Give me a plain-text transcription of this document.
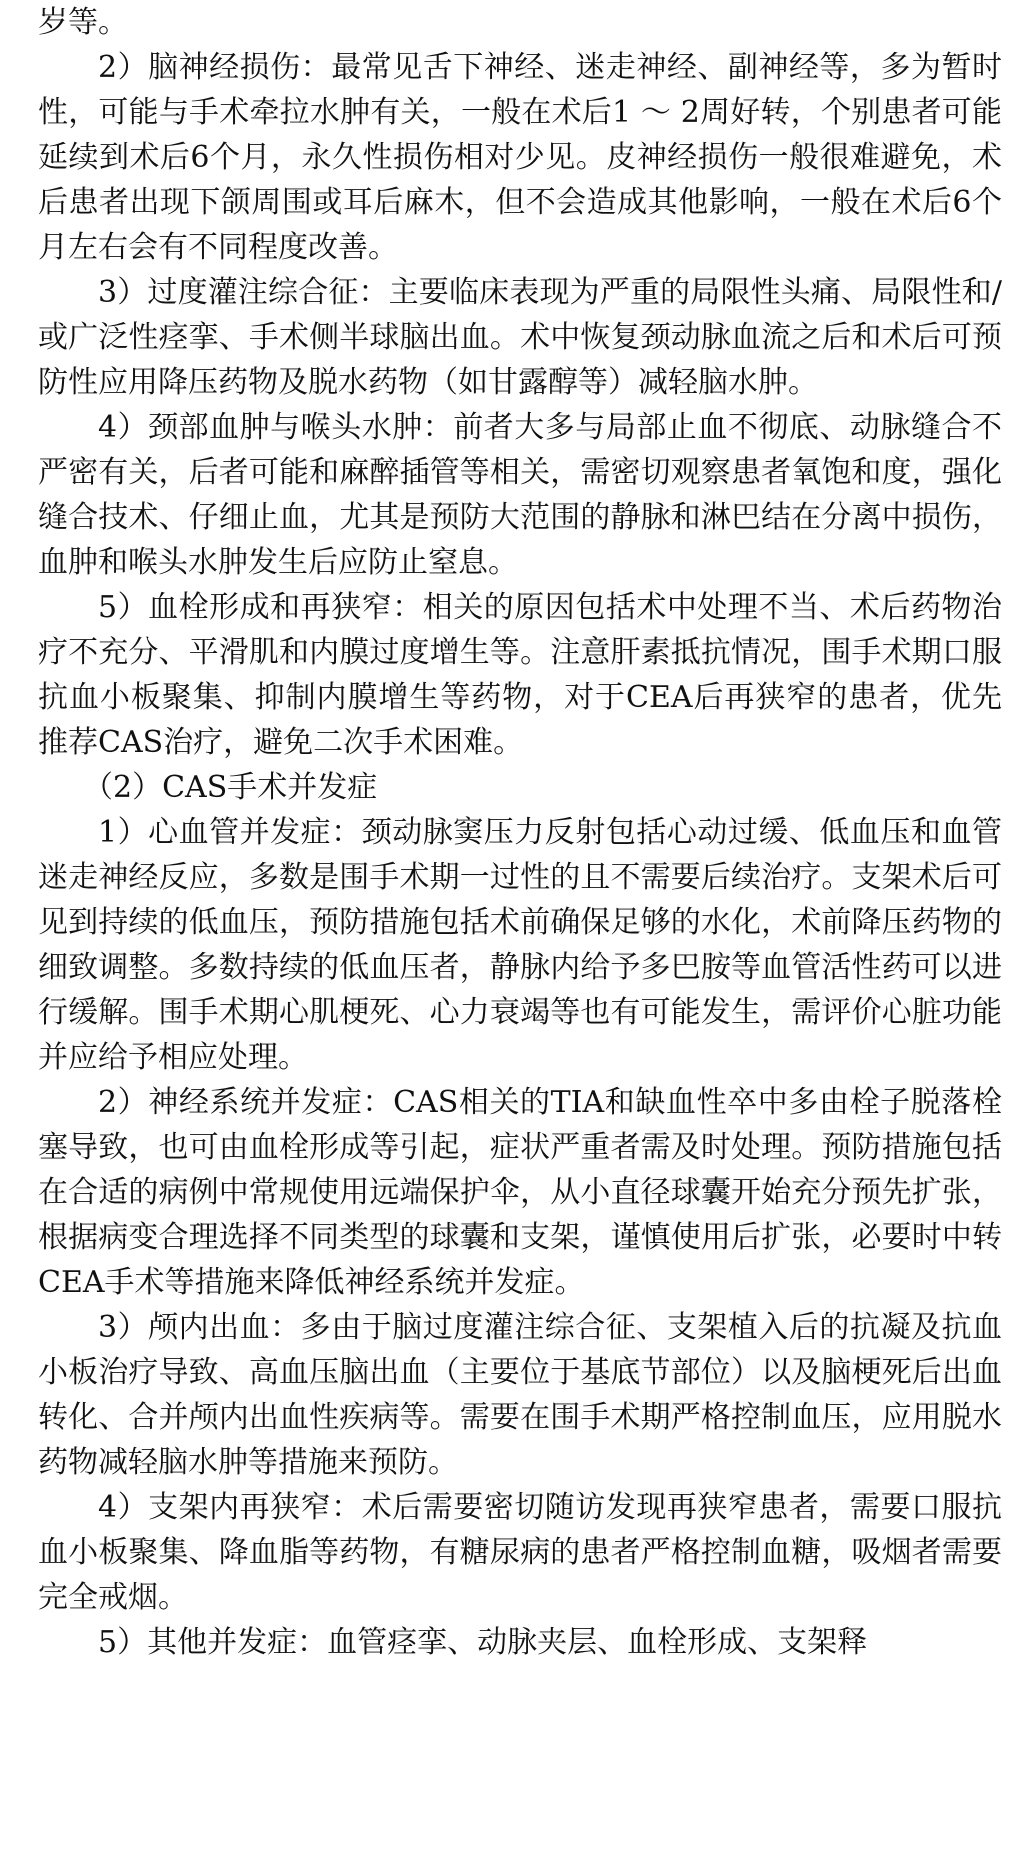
岁等。

2）脑神经损伤：最常见舌下神经、迷走神经、副神经等，多为暂时性，可能与手术牵拉水肿有关，一般在术后1 ～ 2周好转，个别患者可能延续到术后6个月，永久性损伤相对少见。皮神经损伤一般很难避免，术后患者出现下颌周围或耳后麻木，但不会造成其他影响，一般在术后6个月左右会有不同程度改善。

3）过度灌注综合征：主要临床表现为严重的局限性头痛、局限性和/或广泛性痉挛、手术侧半球脑出血。术中恢复颈动脉血流之后和术后可预防性应用降压药物及脱水药物（如甘露醇等）减轻脑水肿。

4）颈部血肿与喉头水肿：前者大多与局部止血不彻底、动脉缝合不严密有关，后者可能和麻醉插管等相关，需密切观察患者氧饱和度，强化缝合技术、仔细止血，尤其是预防大范围的静脉和淋巴结在分离中损伤，血肿和喉头水肿发生后应防止窒息。

5）血栓形成和再狭窄：相关的原因包括术中处理不当、术后药物治疗不充分、平滑肌和内膜过度增生等。注意肝素抵抗情况，围手术期口服抗血小板聚集、抑制内膜增生等药物，对于CEA后再狭窄的患者，优先推荐CAS治疗，避免二次手术困难。

（2）CAS手术并发症

1）心血管并发症：颈动脉窦压力反射包括心动过缓、低血压和血管迷走神经反应，多数是围手术期一过性的且不需要后续治疗。支架术后可见到持续的低血压，预防措施包括术前确保足够的水化，术前降压药物的细致调整。多数持续的低血压者，静脉内给予多巴胺等血管活性药可以进行缓解。围手术期心肌梗死、心力衰竭等也有可能发生，需评价心脏功能并应给予相应处理。

2）神经系统并发症：CAS相关的TIA和缺血性卒中多由栓子脱落栓塞导致，也可由血栓形成等引起，症状严重者需及时处理。预防措施包括在合适的病例中常规使用远端保护伞，从小直径球囊开始充分预先扩张，根据病变合理选择不同类型的球囊和支架，谨慎使用后扩张，必要时中转CEA手术等措施来降低神经系统并发症。

3）颅内出血：多由于脑过度灌注综合征、支架植入后的抗凝及抗血小板治疗导致、高血压脑出血（主要位于基底节部位）以及脑梗死后出血转化、合并颅内出血性疾病等。需要在围手术期严格控制血压，应用脱水药物减轻脑水肿等措施来预防。

4）支架内再狭窄：术后需要密切随访发现再狭窄患者，需要口服抗血小板聚集、降血脂等药物，有糖尿病的患者严格控制血糖，吸烟者需要完全戒烟。

5）其他并发症：血管痉挛、动脉夹层、血栓形成、支架释
